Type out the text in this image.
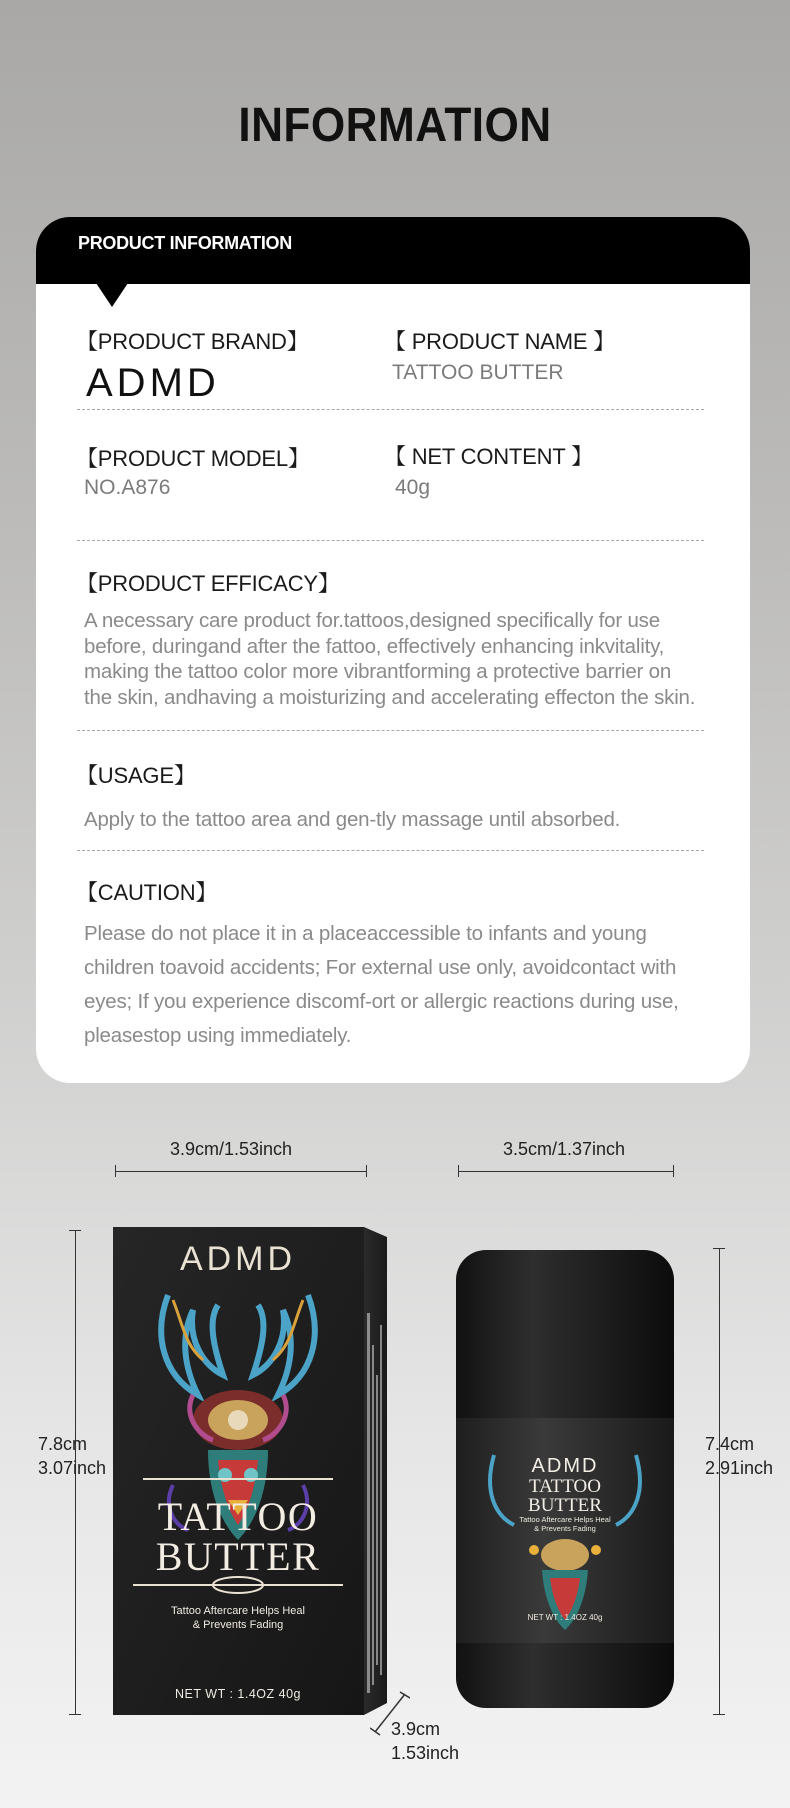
INFORMATION
PRODUCT INFORMATION
【PRODUCT BRAND】
ADMD
【 PRODUCT NAME 】
TATTOO BUTTER
【PRODUCT MODEL】
NO.A876
【 NET CONTENT 】
40g
【PRODUCT EFFICACY】
A necessary care product for.tattoos,designed specifically for use
before, duringand after the fattoo, effectively enhancing inkvitality,
making the tattoo color more vibrantforming a protective barrier on
the skin, andhaving a moisturizing and accelerating effecton the skin.
【USAGE】
Apply to the tattoo area and gen-tly massage until absorbed.
【CAUTION】
Please do not place it in a placeaccessible to infants and young
children toavoid accidents; For external use only, avoidcontact with
eyes; If you experience discomf-ort or allergic reactions during use,
pleasestop using immediately.
3.9cm/1.53inch	3.5cm/1.37inch
7.8cm
3.07inch
7.4cm
2.91inch
3.9cm
1.53inch
ADMD
TATTOO
BUTTER
Tattoo Aftercare Helps Heal
& Prevents Fading
NET WT : 1.4OZ 40g
ADMD
TATTOO
BUTTER
Tattoo Aftercare Helps Heal
& Prevents Fading
NET WT : 1.4OZ 40g
